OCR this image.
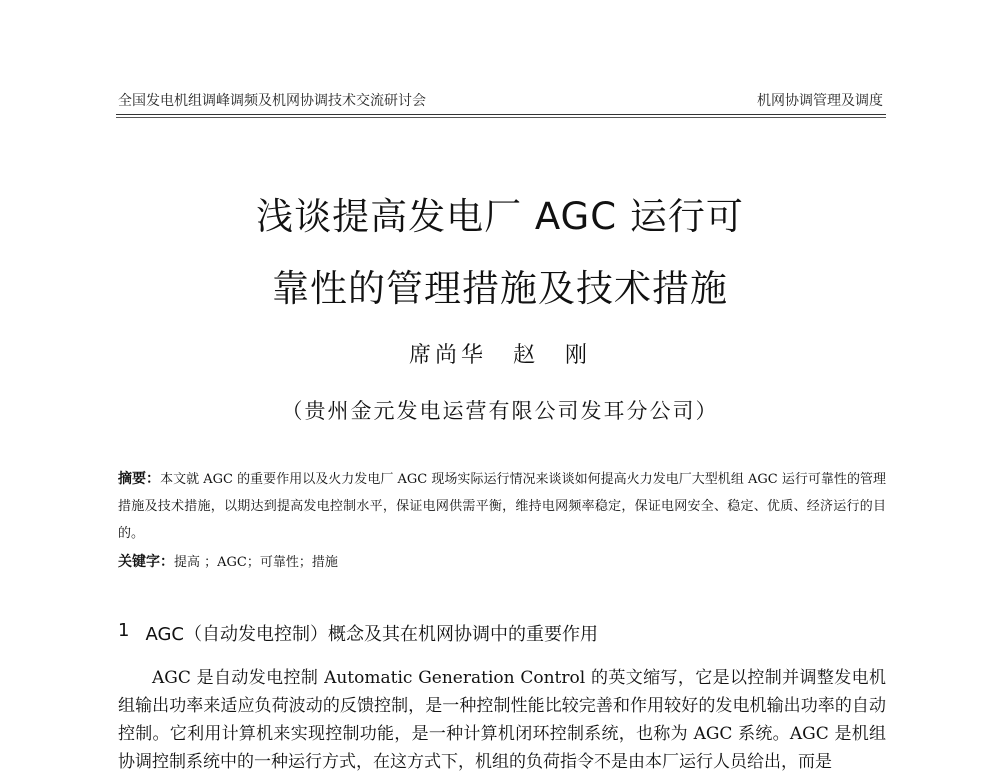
全国发电机组调峰调频及机网协调技术交流研讨会	机网协调管理及调度
浅谈提高发电厂 AGC 运行可
靠性的管理措施及技术措施
席尚华　赵　刚
（贵州金元发电运营有限公司发耳分公司）
摘要：本文就 AGC 的重要作用以及火力发电厂 AGC 现场实际运行情况来谈谈如何提高火力发电厂大型机组 AGC 运行可靠性的管理措施及技术措施，以期达到提高发电控制水平，保证电网供需平衡，维持电网频率稳定，保证电网安全、稳定、优质、经济运行的目的。
关键字：提高 ；AGC；可靠性；措施
1 AGC（自动发电控制）概念及其在机网协调中的重要作用
AGC 是自动发电控制 Automatic Generation Control 的英文缩写，它是以控制并调整发电机组输出功率来适应负荷波动的反馈控制，是一种控制性能比较完善和作用较好的发电机输出功率的自动控制。它利用计算机来实现控制功能，是一种计算机闭环控制系统，也称为 AGC 系统。AGC 是机组协调控制系统中的一种运行方式，在这方式下，机组的负荷指令不是由本厂运行人员给出，而是
